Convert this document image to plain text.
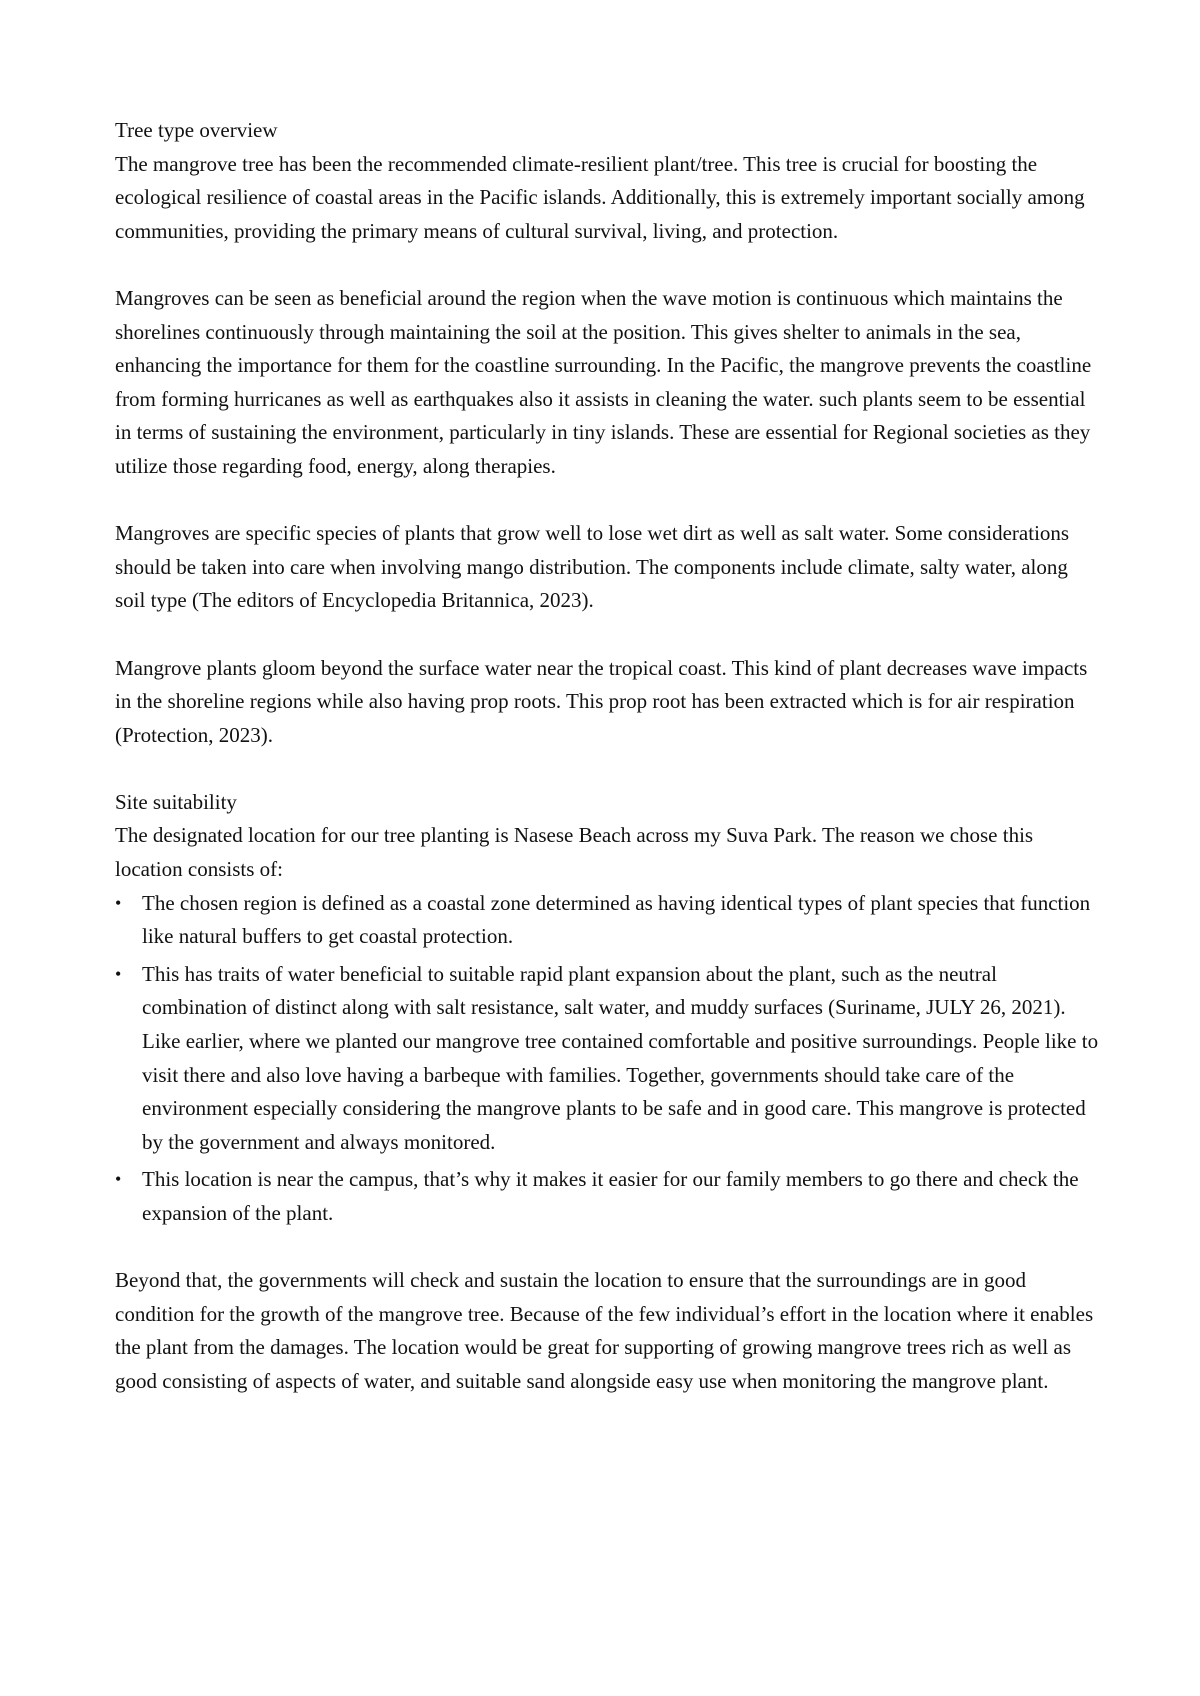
Tree type overview

The mangrove tree has been the recommended climate-resilient plant/tree. This tree is crucial for boosting the ecological resilience of coastal areas in the Pacific islands. Additionally, this is extremely important socially among communities, providing the primary means of cultural survival, living, and protection.

Mangroves can be seen as beneficial around the region when the wave motion is continuous which maintains the shorelines continuously through maintaining the soil at the position. This gives shelter to animals in the sea, enhancing the importance for them for the coastline surrounding. In the Pacific, the mangrove prevents the coastline from forming hurricanes as well as earthquakes also it assists in cleaning the water. such plants seem to be essential in terms of sustaining the environment, particularly in tiny islands. These are essential for Regional societies as they utilize those regarding food, energy, along therapies.

Mangroves are specific species of plants that grow well to lose wet dirt as well as salt water. Some considerations should be taken into care when involving mango distribution. The components include climate, salty water, along soil type (The editors of Encyclopedia Britannica, 2023).

Mangrove plants gloom beyond the surface water near the tropical coast. This kind of plant decreases wave impacts in the shoreline regions while also having prop roots. This prop root has been extracted which is for air respiration (Protection, 2023).

Site suitability

The designated location for our tree planting is Nasese Beach across my Suva Park. The reason we chose this location consists of:

• The chosen region is defined as a coastal zone determined as having identical types of plant species that function like natural buffers to get coastal protection.
• This has traits of water beneficial to suitable rapid plant expansion about the plant, such as the neutral combination of distinct along with salt resistance, salt water, and muddy surfaces (Suriname, JULY 26, 2021). Like earlier, where we planted our mangrove tree contained comfortable and positive surroundings. People like to visit there and also love having a barbeque with families. Together, governments should take care of the environment especially considering the mangrove plants to be safe and in good care. This mangrove is protected by the government and always monitored.
• This location is near the campus, that’s why it makes it easier for our family members to go there and check the expansion of the plant.

Beyond that, the governments will check and sustain the location to ensure that the surroundings are in good condition for the growth of the mangrove tree. Because of the few individual’s effort in the location where it enables the plant from the damages. The location would be great for supporting of growing mangrove trees rich as well as good consisting of aspects of water, and suitable sand alongside easy use when monitoring the mangrove plant.
